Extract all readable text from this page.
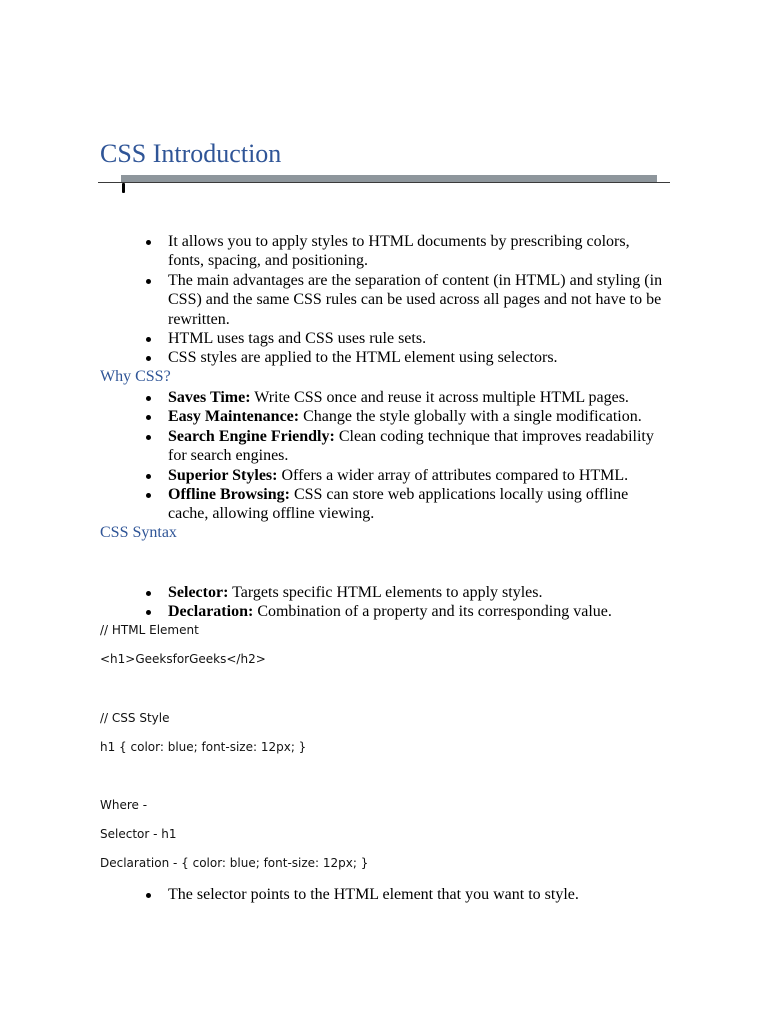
CSS Introduction
It allows you to apply styles to HTML documents by prescribing colors, fonts, spacing, and positioning.
The main advantages are the separation of content (in HTML) and styling (in CSS) and the same CSS rules can be used across all pages and not have to be rewritten.
HTML uses tags and CSS uses rule sets.
CSS styles are applied to the HTML element using selectors.
Why CSS?
Saves Time: Write CSS once and reuse it across multiple HTML pages.
Easy Maintenance: Change the style globally with a single modification.
Search Engine Friendly: Clean coding technique that improves readability for search engines.
Superior Styles: Offers a wider array of attributes compared to HTML.
Offline Browsing: CSS can store web applications locally using offline cache, allowing offline viewing.
CSS Syntax
Selector: Targets specific HTML elements to apply styles.
Declaration: Combination of a property and its corresponding value.
// HTML Element
<h1>GeeksforGeeks</h2>
// CSS Style
h1 { color: blue; font-size: 12px; }
Where -
Selector - h1
Declaration - { color: blue; font-size: 12px; }
The selector points to the HTML element that you want to style.
